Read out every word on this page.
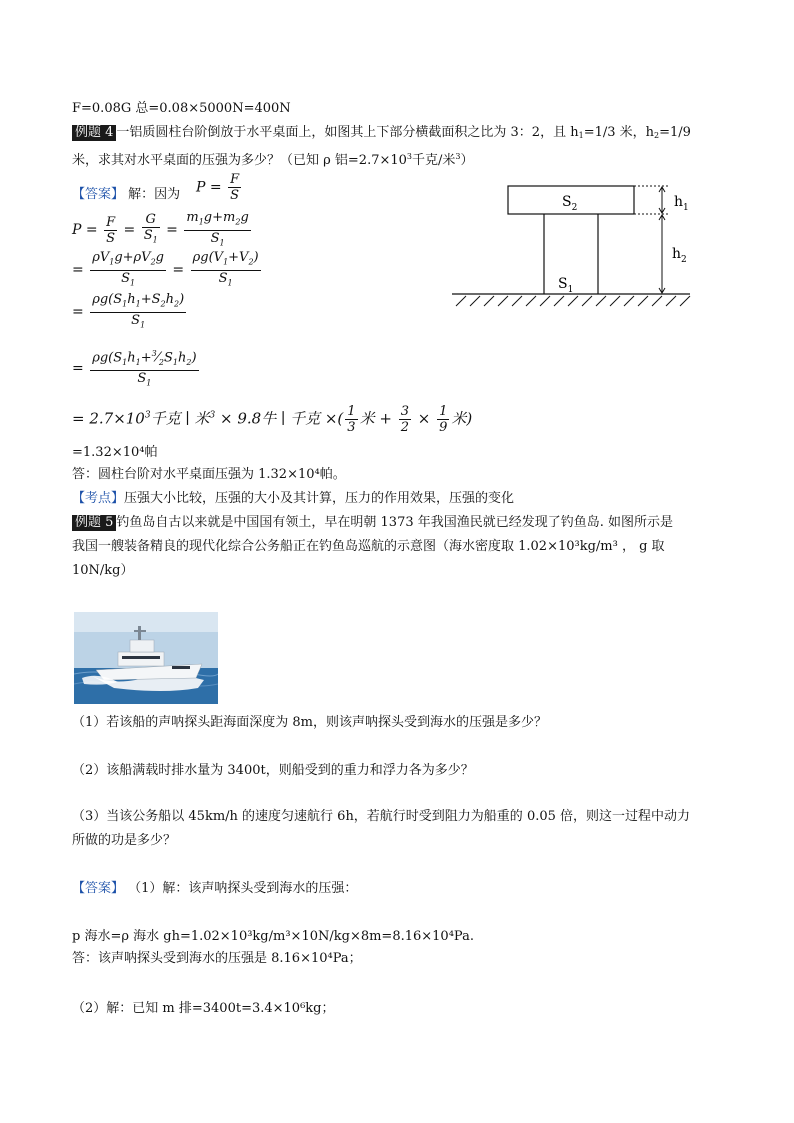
F=0.08G 总=0.08×5000N=400N
例题 4 一铝质圆柱台阶倒放于水平桌面上，如图其上下部分横截面积之比为 3：2，且 $h_1=1/3$ 米，$h_2=1/9$
米，求其对水平桌面的压强为多少？（已知 ρ 铝$=2.7\times 10^3$千克/米$^3$）
【答案】 解：因为 $P = \frac{F}{S}$
$P = \frac{F}{S} = \frac{G}{S_1} = \frac{m_1g+m_2g}{S_1}$
= $\frac{\rho V_1g+\rho V_2g}{S_1} = \frac{\rho g(V_1+V_2)}{S_1}$
= $\frac{\rho g(S_1h_1+S_2h_2)}{S_1}$
= $\frac{\rho g(S_1h_1+^3⁄_2S_1h_2)}{S_1}$
= $2.7\times 10^3$千克 ∣ 米$^3$ × 9.8牛 ∣ 千克 ×( $\frac{1}{3}$ 米 + $\frac{3}{2} \times \frac{1}{9}$ 米)
=1.32×10⁴帕
答：圆柱台阶对水平桌面压强为 1.32×10⁴帕。
【考点】压强大小比较，压强的大小及其计算，压力的作用效果，压强的变化
$S_2$
$S_1$
$h_1$
$h_2$
例题 5 钓鱼岛自古以来就是中国国有领土，早在明朝 1373 年我国渔民就已经发现了钓鱼岛. 如图所示是
我国一艘装备精良的现代化综合公务船正在钓鱼岛巡航的示意图（海水密度取 1.02×10³kg/m³ ， g 取
10N/kg）
（1）若该船的声呐探头距海面深度为 8m，则该声呐探头受到海水的压强是多少？
（2）该船满载时排水量为 3400t，则船受到的重力和浮力各为多少？
（3）当该公务船以 45km/h 的速度匀速航行 6h，若航行时受到阻力为船重的 0.05 倍，则这一过程中动力
所做的功是多少？
【答案】 （1）解：该声呐探头受到海水的压强：
p 海水=ρ 海水 gh=1.02×10³kg/m³×10N/kg×8m=8.16×10⁴Pa.
答：该声呐探头受到海水的压强是 8.16×10⁴Pa；
（2）解：已知 m 排=3400t=3.4×10⁶kg；
